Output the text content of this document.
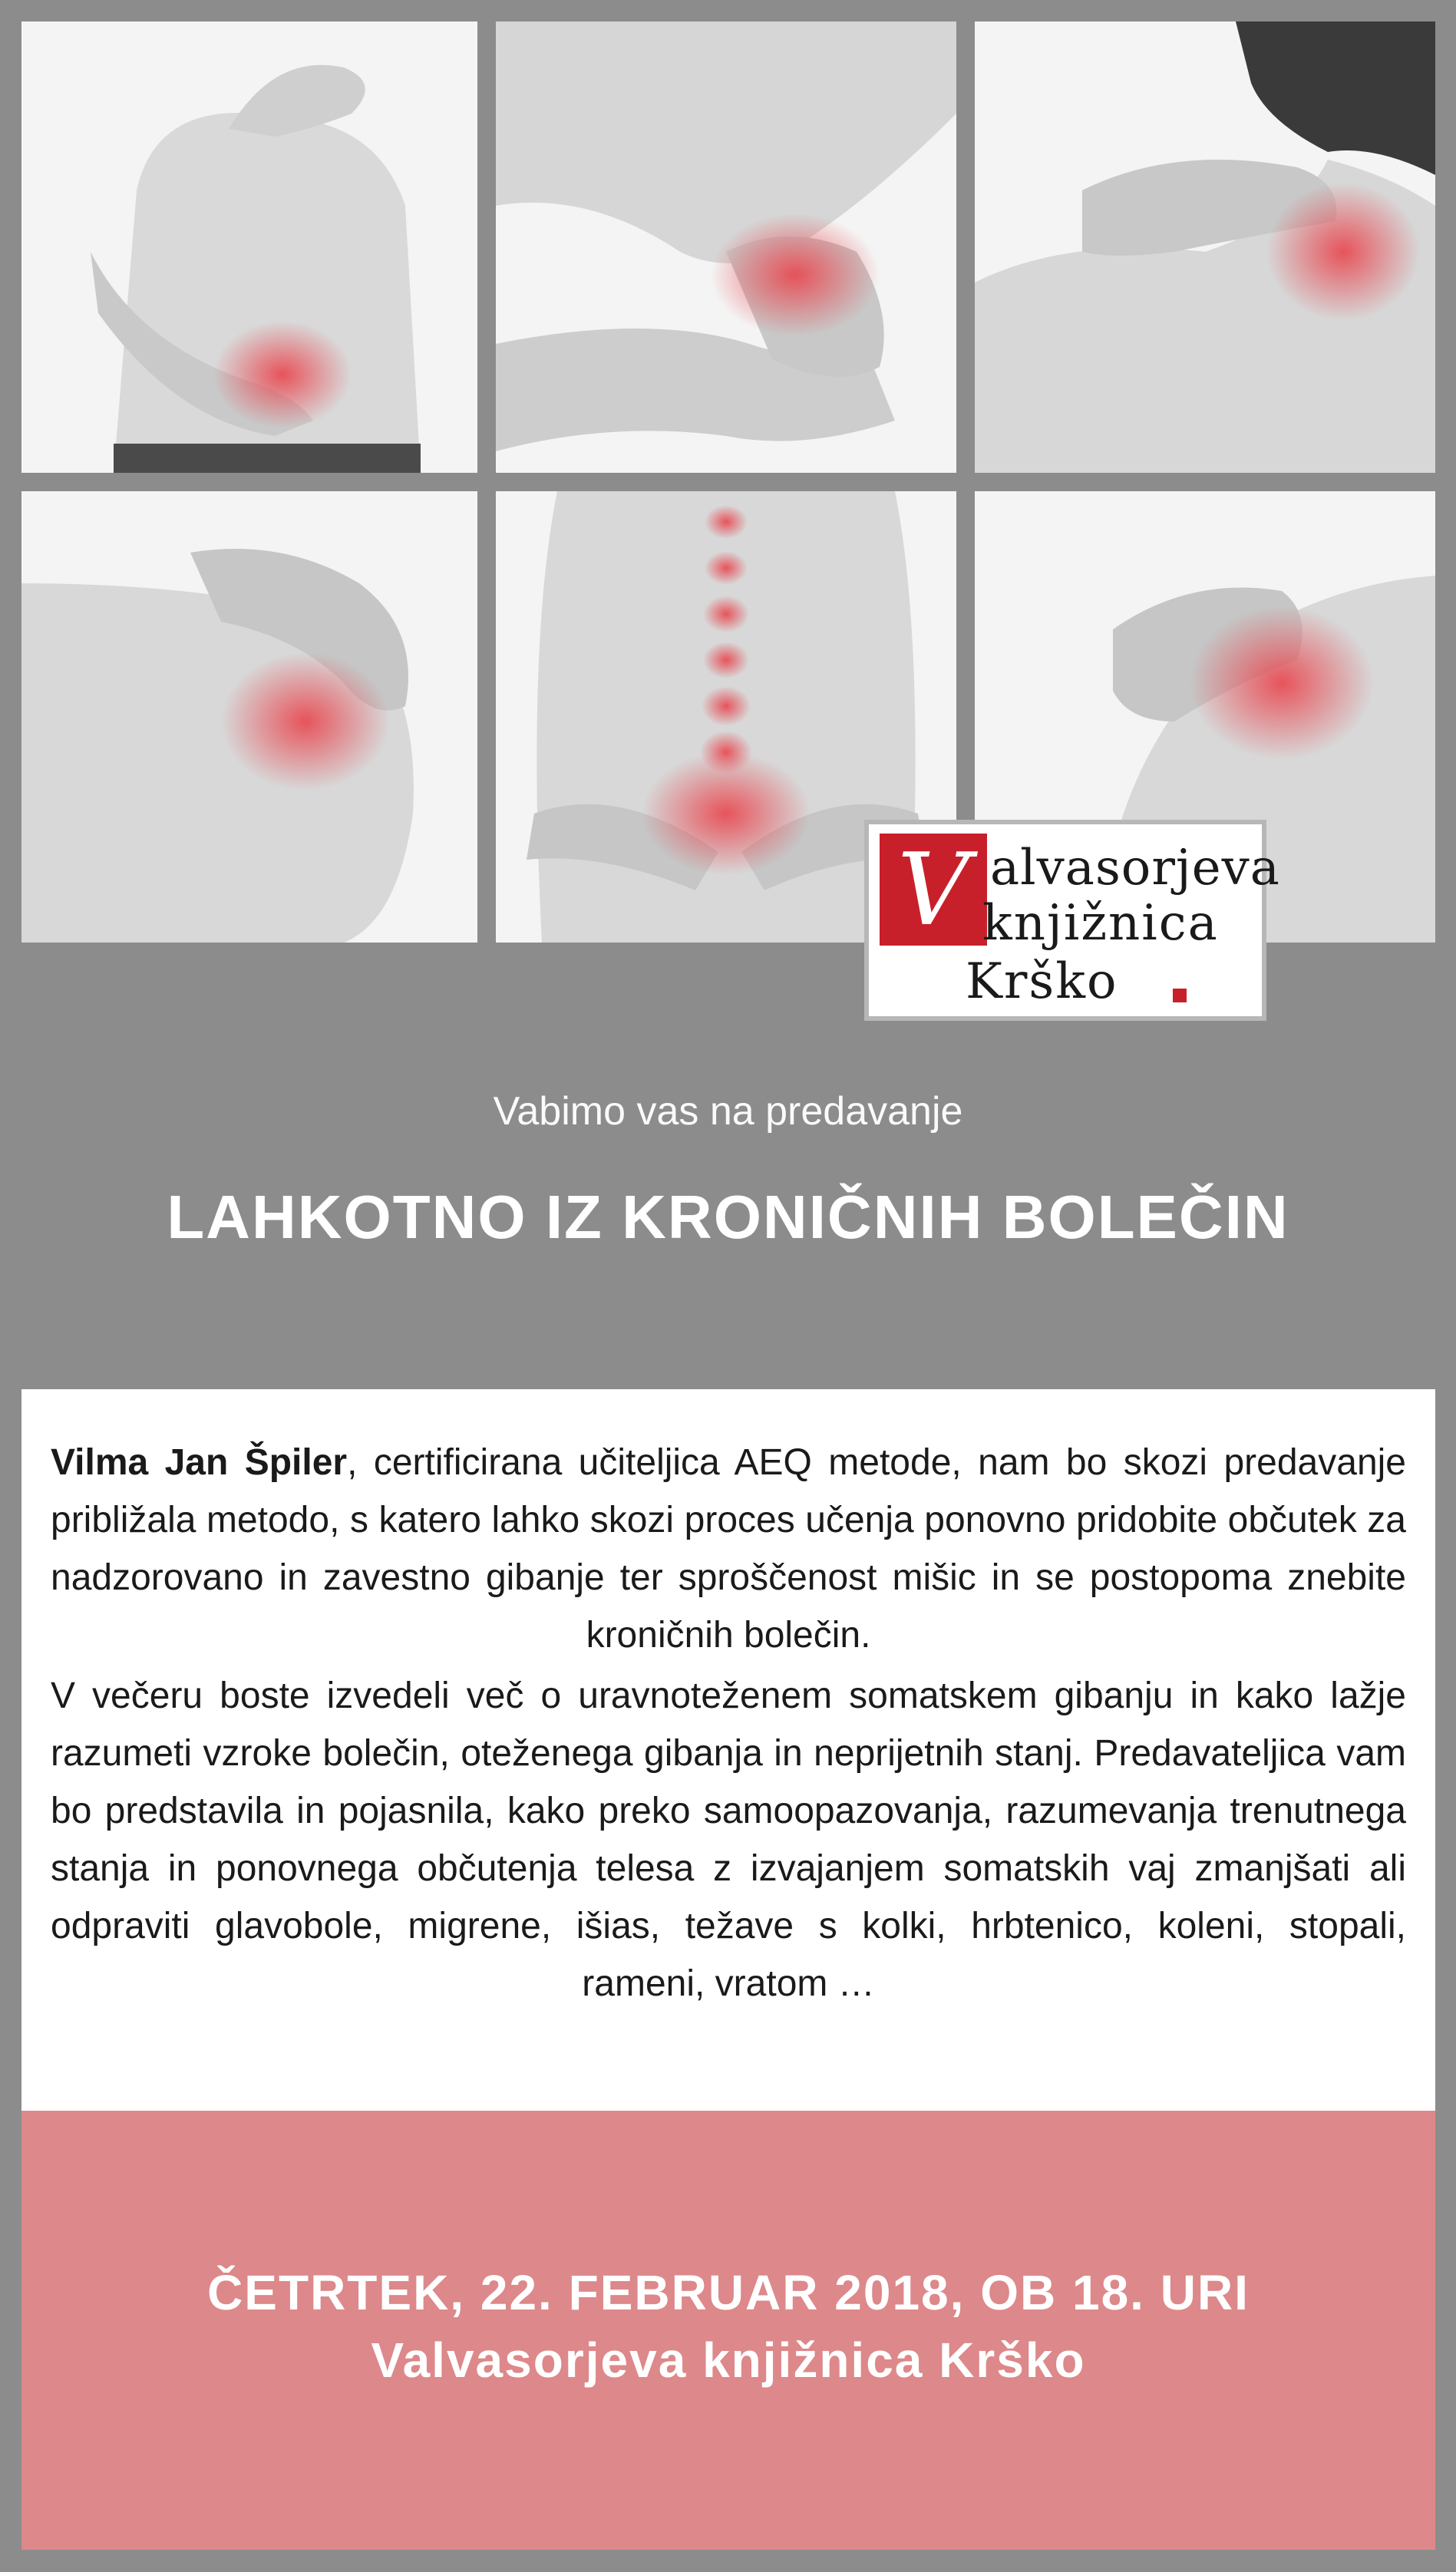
V alvasorjeva
knjižnica
Krško
Vabimo vas na predavanje
LAHKOTNO IZ KRONIČNIH BOLEČIN

Vilma Jan Špiler, certificirana učiteljica AEQ metode, nam bo skozi predavanje približala metodo, s katero lahko skozi proces učenja ponovno pridobite občutek za nadzorovano in zavestno gibanje ter sproščenost mišic in se postopoma znebite kroničnih bolečin.

V večeru boste izvedeli več o uravnoteženem somatskem gibanju in kako lažje razumeti vzroke bolečin, oteženega gibanja in neprijetnih stanj. Predavateljica vam bo predstavila in pojasnila, kako preko samoopazovanja, razumevanja trenutnega stanja in ponovnega občutenja telesa z izvajanjem somatskih vaj zmanjšati ali odpraviti glavobole, migrene, išias, težave s kolki, hrbtenico, koleni, stopali, rameni, vratom …

ČETRTEK, 22. FEBRUAR 2018, OB 18. URI
Valvasorjeva knjižnica Krško
